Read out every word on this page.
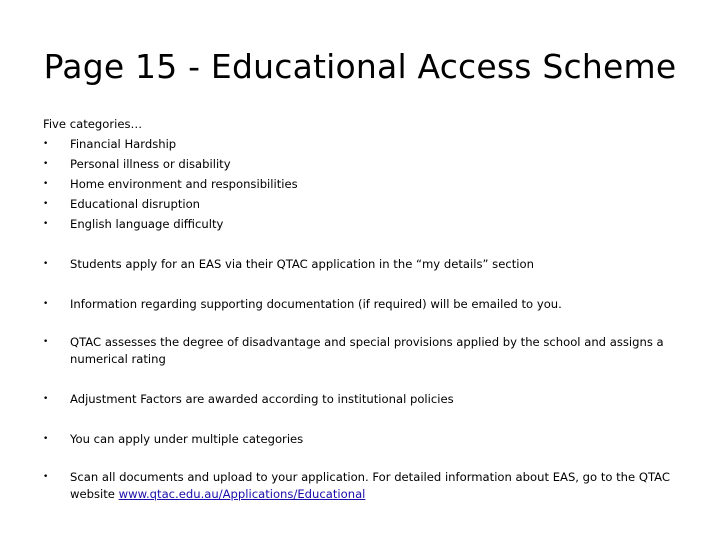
Page 15 - Educational Access Scheme
Five categories…
•	Financial Hardship
•	Personal illness or disability
•	Home environment and responsibilities
•	Educational disruption
•	English language difficulty
•	Students apply for an EAS via their QTAC application in the “my details” section
•	Information regarding supporting documentation (if required) will be emailed to you.
•	QTAC assesses the degree of disadvantage and special provisions applied by the school and assigns a numerical rating
•	Adjustment Factors are awarded according to institutional policies
•	You can apply under multiple categories
•	Scan all documents and upload to your application. For detailed information about EAS, go to the QTAC website www.qtac.edu.au/Applications/Educational
